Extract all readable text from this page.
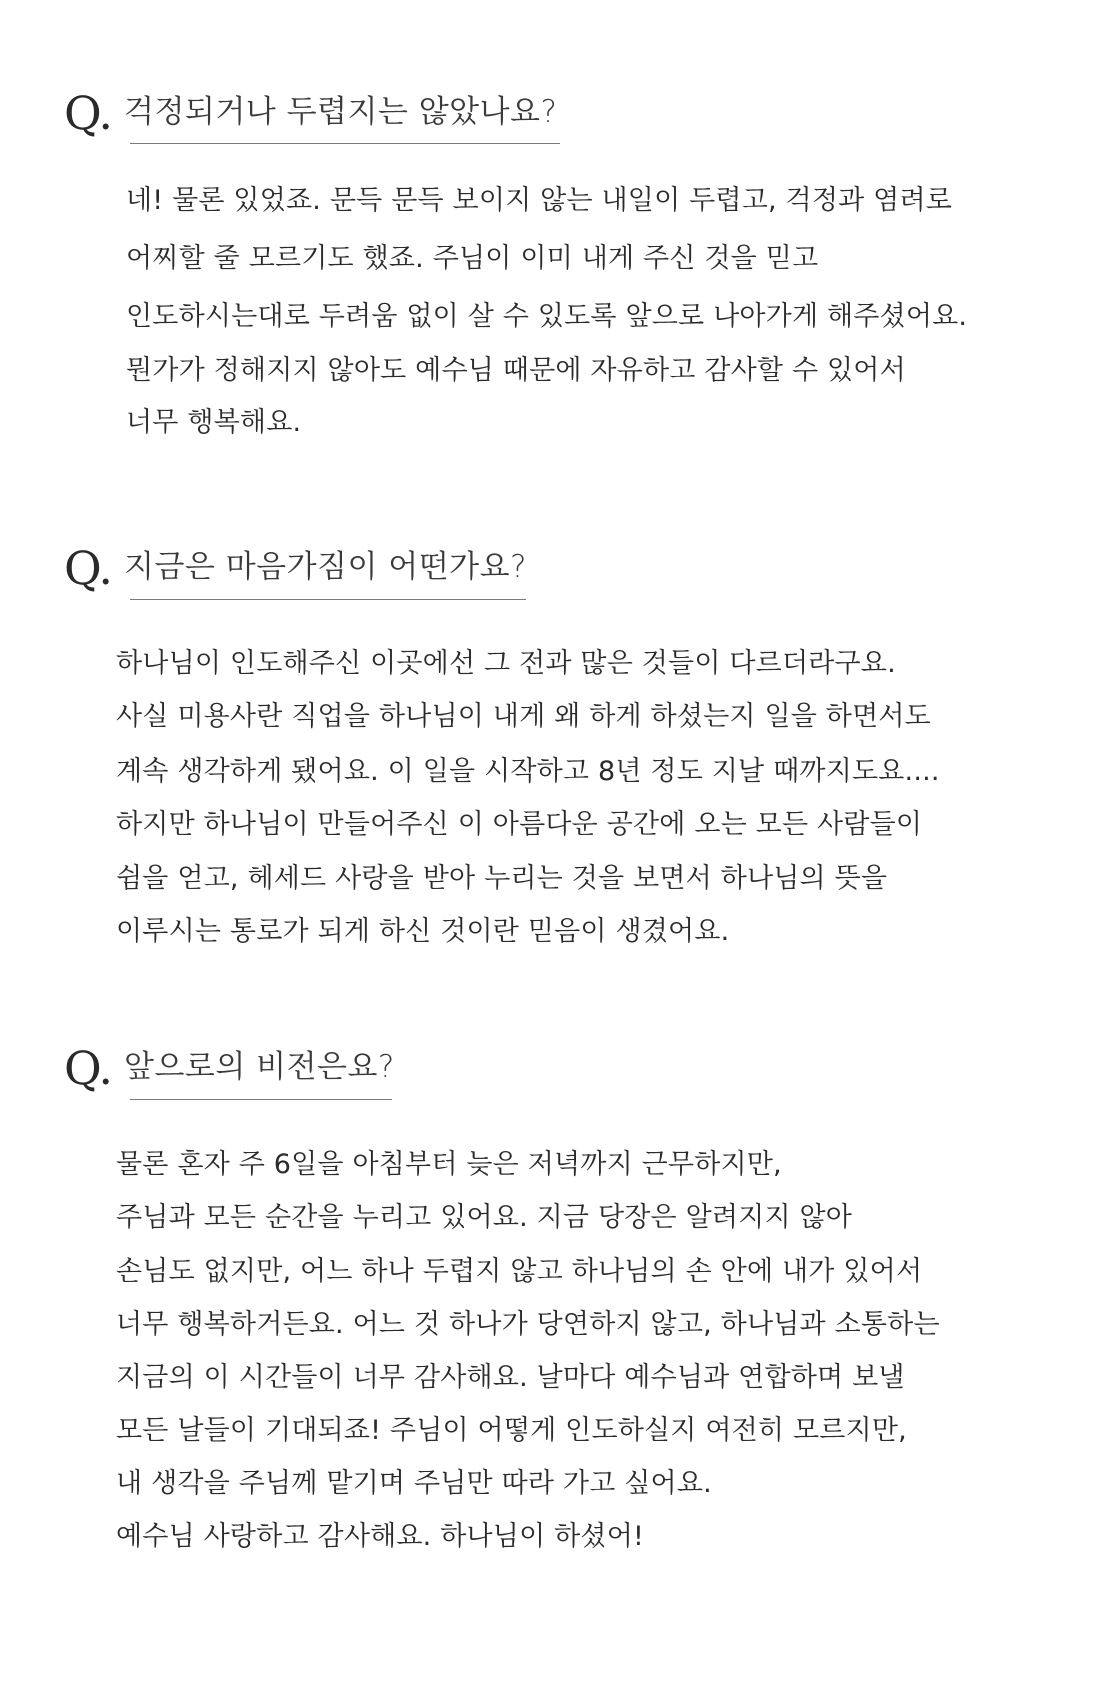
Q. 걱정되거나 두렵지는 않았나요?
네! 물론 있었죠. 문득 문득 보이지 않는 내일이 두렵고, 걱정과 염려로
어찌할 줄 모르기도 했죠. 주님이 이미 내게 주신 것을 믿고
인도하시는대로 두려움 없이 살 수 있도록 앞으로 나아가게 해주셨어요.
뭔가가 정해지지 않아도 예수님 때문에 자유하고 감사할 수 있어서
너무 행복해요.
Q. 지금은 마음가짐이 어떤가요?
하나님이 인도해주신 이곳에선 그 전과 많은 것들이 다르더라구요.
사실 미용사란 직업을 하나님이 내게 왜 하게 하셨는지 일을 하면서도
계속 생각하게 됐어요. 이 일을 시작하고 8년 정도 지날 때까지도요....
하지만 하나님이 만들어주신 이 아름다운 공간에 오는 모든 사람들이
쉼을 얻고, 헤세드 사랑을 받아 누리는 것을 보면서 하나님의 뜻을
이루시는 통로가 되게 하신 것이란 믿음이 생겼어요.
Q. 앞으로의 비전은요?
물론 혼자 주 6일을 아침부터 늦은 저녁까지 근무하지만,
주님과 모든 순간을 누리고 있어요. 지금 당장은 알려지지 않아
손님도 없지만, 어느 하나 두렵지 않고 하나님의 손 안에 내가 있어서
너무 행복하거든요. 어느 것 하나가 당연하지 않고, 하나님과 소통하는
지금의 이 시간들이 너무 감사해요. 날마다 예수님과 연합하며 보낼
모든 날들이 기대되죠! 주님이 어떻게 인도하실지 여전히 모르지만,
내 생각을 주님께 맡기며 주님만 따라 가고 싶어요.
예수님 사랑하고 감사해요. 하나님이 하셨어!
